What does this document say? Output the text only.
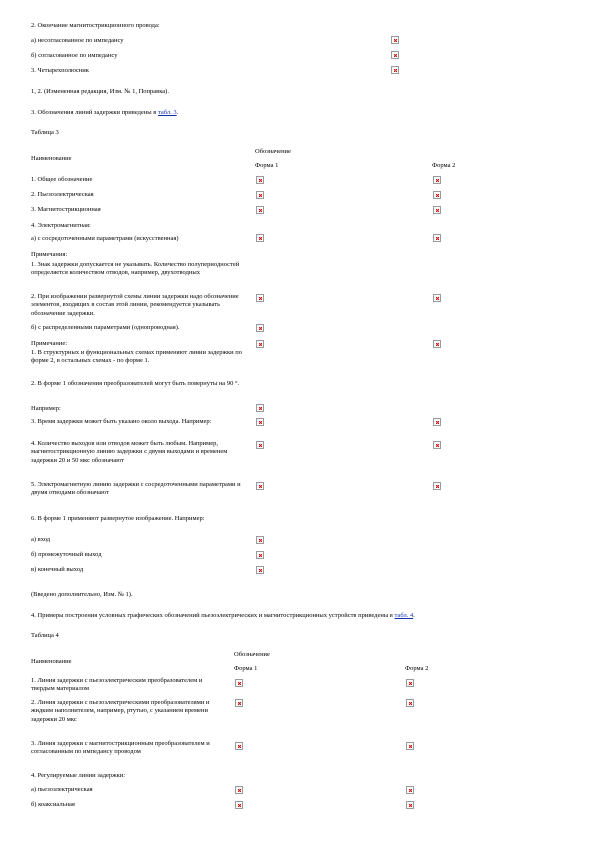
2. Окончание магнитострикционного провода:
а) несогласованное по импедансу
б) согласованное по импедансу
3. Четырехполюсник
1, 2. (Измененная редакция, Изм. № 1, Поправка).
3. Обозначения линий задержки приведены в табл. 3.
Таблица 3
Наименование
Обозначение
Форма 1	Форма 2
1. Общее обозначение
2. Пьезоэлектрическая
3. Магнитострикционная
4. Электромагнитная:
а) с сосредоточенными параметрами (искусственная)
Примечания:
1. Знак задержки допускается не указывать. Количество полупериодностей определяется количеством отводов, например, двухотводных
2. При изображении развернутой схемы линии задержки надо обозначение элементов, входящих в состав этой линии, рекомендуется указывать обозначение задержки.
б) с распределенными параметрами (однопроводная).
Примечание:
1. В структурных и функциональных схемах применяют линии задержки по форме 2, в остальных схемах - по форме 1.
2. В форме 1 обозначения преобразователей могут быть повернуты на 90 °.
Например:
3. Время задержки может быть указано около выхода. Например:
4. Количество выходов или отводов может быть любым. Например, магнитострикционную линию задержки с двумя выходами и временем задержки 20 и 50 мкс обозначают
5. Электромагнитную линию задержки с сосредоточенными параметрами и двумя отводами обозначают
6. В форме 1 применяют развернутое изображение. Например:
а) вход
б) промежуточный выход
в) конечный выход
(Введено дополнительно, Изм. № 1).
4. Примеры построения условных графических обозначений пьезоэлектрических и магнитострикционных устройств приведены в табл. 4.
Таблица 4
Наименование
Обозначение
Форма 1	Форма 2
1. Линия задержки с пьезоэлектрическим преобразователем и твердым материалом
2. Линия задержки с пьезоэлектрическими преобразователями и жидким наполнителем, например, ртутью, с указанием времени задержки 20 мкс
3. Линия задержки с магнитострикционным преобразователем и согласованным по импедансу проводом
4. Регулируемые линии задержки:
а) пьезоэлектрическая
б) коаксиальная
